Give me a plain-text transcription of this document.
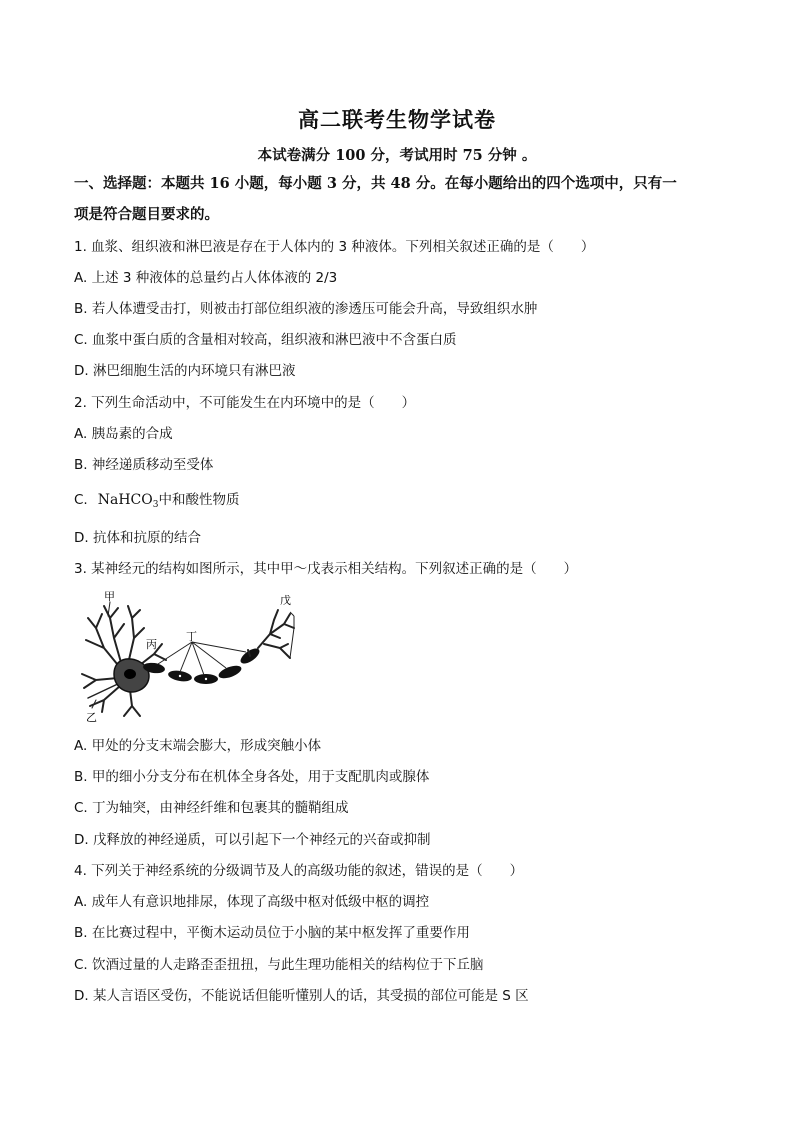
高二联考生物学试卷
本试卷满分 100 分，考试用时 75 分钟 。
一、选择题：本题共 16 小题，每小题 3 分，共 48 分。在每小题给出的四个选项中，只有一
项是符合题目要求的。
1. 血浆、组织液和淋巴液是存在于人体内的 3 种液体。下列相关叙述正确的是（　　）
A. 上述 3 种液体的总量约占人体体液的 2/3
B. 若人体遭受击打，则被击打部位组织液的渗透压可能会升高，导致组织水肿
C. 血浆中蛋白质的含量相对较高，组织液和淋巴液中不含蛋白质
D. 淋巴细胞生活的内环境只有淋巴液
2. 下列生命活动中，不可能发生在内环境中的是（　　）
A. 胰岛素的合成
B. 神经递质移动至受体
C. NaHCO$_3$中和酸性物质
D. 抗体和抗原的结合
3. 某神经元的结构如图所示，其中甲～戊表示相关结构。下列叙述正确的是（　　）
甲
乙
丙
丁
戊
A. 甲处的分支末端会膨大，形成突触小体
B. 甲的细小分支分布在机体全身各处，用于支配肌肉或腺体
C. 丁为轴突，由神经纤维和包裹其的髓鞘组成
D. 戊释放的神经递质，可以引起下一个神经元的兴奋或抑制
4. 下列关于神经系统的分级调节及人的高级功能的叙述，错误的是（　　）
A. 成年人有意识地排尿，体现了高级中枢对低级中枢的调控
B. 在比赛过程中，平衡木运动员位于小脑的某中枢发挥了重要作用
C. 饮酒过量的人走路歪歪扭扭，与此生理功能相关的结构位于下丘脑
D. 某人言语区受伤，不能说话但能听懂别人的话，其受损的部位可能是 S 区
